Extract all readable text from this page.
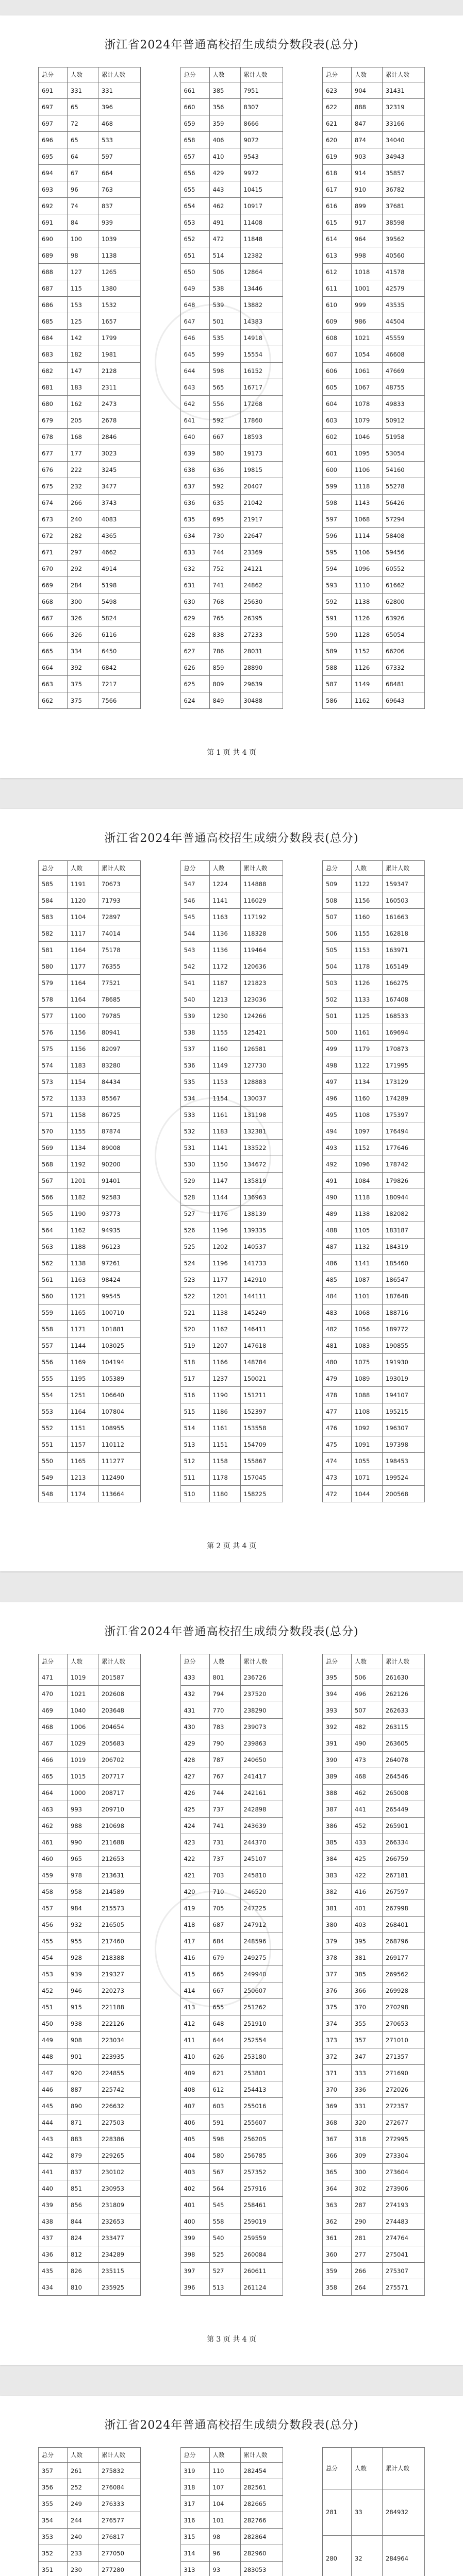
浙江省2024年普通高校招生成绩分数段表(总分)
总分	人数	累计人数
691	331	331
697	65	396
697	72	468
696	65	533
695	64	597
694	67	664
693	96	763
692	74	837
691	84	939
690	100	1039
689	98	1138
688	127	1265
687	115	1380
686	153	1532
685	125	1657
684	142	1799
683	182	1981
682	147	2128
681	183	2311
680	162	2473
679	205	2678
678	168	2846
677	177	3023
676	222	3245
675	232	3477
674	266	3743
673	240	4083
672	282	4365
671	297	4662
670	292	4914
669	284	5198
668	300	5498
667	326	5824
666	326	6116
665	334	6450
664	392	6842
663	375	7217
662	375	7566
总分	人数	累计人数
661	385	7951
660	356	8307
659	359	8666
658	406	9072
657	410	9543
656	429	9972
655	443	10415
654	462	10917
653	491	11408
652	472	11848
651	514	12382
650	506	12864
649	538	13446
648	539	13882
647	501	14383
646	535	14918
645	599	15554
644	598	16152
643	565	16717
642	556	17268
641	592	17860
640	667	18593
639	580	19173
638	636	19815
637	592	20407
636	635	21042
635	695	21917
634	730	22647
633	744	23369
632	752	24121
631	741	24862
630	768	25630
629	765	26395
628	838	27233
627	786	28031
626	859	28890
625	809	29639
624	849	30488
总分	人数	累计人数
623	904	31431
622	888	32319
621	847	33166
620	874	34040
619	903	34943
618	914	35857
617	910	36782
616	899	37681
615	917	38598
614	964	39562
613	998	40560
612	1018	41578
611	1001	42579
610	999	43535
609	986	44504
608	1021	45559
607	1054	46608
606	1061	47669
605	1067	48755
604	1078	49833
603	1079	50912
602	1046	51958
601	1095	53054
600	1106	54160
599	1118	55278
598	1143	56426
597	1068	57294
596	1114	58408
595	1106	59456
594	1096	60552
593	1110	61662
592	1138	62800
591	1126	63926
590	1128	65054
589	1152	66206
588	1126	67332
587	1149	68481
586	1162	69643
第 1 页 共 4 页
浙江省2024年普通高校招生成绩分数段表(总分)
总分	人数	累计人数
585	1191	70673
584	1120	71793
583	1104	72897
582	1117	74014
581	1164	75178
580	1177	76355
579	1164	77521
578	1164	78685
577	1100	79785
576	1156	80941
575	1156	82097
574	1183	83280
573	1154	84434
572	1133	85567
571	1158	86725
570	1155	87874
569	1134	89008
568	1192	90200
567	1201	91401
566	1182	92583
565	1190	93773
564	1162	94935
563	1188	96123
562	1138	97261
561	1163	98424
560	1121	99545
559	1165	100710
558	1171	101881
557	1144	103025
556	1169	104194
555	1195	105389
554	1251	106640
553	1164	107804
552	1151	108955
551	1157	110112
550	1165	111277
549	1213	112490
548	1174	113664
总分	人数	累计人数
547	1224	114888
546	1141	116029
545	1163	117192
544	1136	118328
543	1136	119464
542	1172	120636
541	1187	121823
540	1213	123036
539	1230	124266
538	1155	125421
537	1160	126581
536	1149	127730
535	1153	128883
534	1154	130037
533	1161	131198
532	1183	132381
531	1141	133522
530	1150	134672
529	1147	135819
528	1144	136963
527	1176	138139
526	1196	139335
525	1202	140537
524	1196	141733
523	1177	142910
522	1201	144111
521	1138	145249
520	1162	146411
519	1207	147618
518	1166	148784
517	1237	150021
516	1190	151211
515	1186	152397
514	1161	153558
513	1151	154709
512	1158	155867
511	1178	157045
510	1180	158225
总分	人数	累计人数
509	1122	159347
508	1156	160503
507	1160	161663
506	1155	162818
505	1153	163971
504	1178	165149
503	1126	166275
502	1133	167408
501	1125	168533
500	1161	169694
499	1179	170873
498	1122	171995
497	1134	173129
496	1160	174289
495	1108	175397
494	1097	176494
493	1152	177646
492	1096	178742
491	1084	179826
490	1118	180944
489	1138	182082
488	1105	183187
487	1132	184319
486	1141	185460
485	1087	186547
484	1101	187648
483	1068	188716
482	1056	189772
481	1083	190855
480	1075	191930
479	1089	193019
478	1088	194107
477	1108	195215
476	1092	196307
475	1091	197398
474	1055	198453
473	1071	199524
472	1044	200568
第 2 页 共 4 页
浙江省2024年普通高校招生成绩分数段表(总分)
总分	人数	累计人数
471	1019	201587
470	1021	202608
469	1040	203648
468	1006	204654
467	1029	205683
466	1019	206702
465	1015	207717
464	1000	208717
463	993	209710
462	988	210698
461	990	211688
460	965	212653
459	978	213631
458	958	214589
457	984	215573
456	932	216505
455	955	217460
454	928	218388
453	939	219327
452	946	220273
451	915	221188
450	938	222126
449	908	223034
448	901	223935
447	920	224855
446	887	225742
445	890	226632
444	871	227503
443	883	228386
442	879	229265
441	837	230102
440	851	230953
439	856	231809
438	844	232653
437	824	233477
436	812	234289
435	826	235115
434	810	235925
总分	人数	累计人数
433	801	236726
432	794	237520
431	770	238290
430	783	239073
429	790	239863
428	787	240650
427	767	241417
426	744	242161
425	737	242898
424	741	243639
423	731	244370
422	737	245107
421	703	245810
420	710	246520
419	705	247225
418	687	247912
417	684	248596
416	679	249275
415	665	249940
414	667	250607
413	655	251262
412	648	251910
411	644	252554
410	626	253180
409	621	253801
408	612	254413
407	603	255016
406	591	255607
405	598	256205
404	580	256785
403	567	257352
402	564	257916
401	545	258461
400	558	259019
399	540	259559
398	525	260084
397	527	260611
396	513	261124
总分	人数	累计人数
395	506	261630
394	496	262126
393	507	262633
392	482	263115
391	490	263605
390	473	264078
389	468	264546
388	462	265008
387	441	265449
386	452	265901
385	433	266334
384	425	266759
383	422	267181
382	416	267597
381	401	267998
380	403	268401
379	395	268796
378	381	269177
377	385	269562
376	366	269928
375	370	270298
374	355	270653
373	357	271010
372	347	271357
371	333	271690
370	336	272026
369	331	272357
368	320	272677
367	318	272995
366	309	273304
365	300	273604
364	302	273906
363	287	274193
362	290	274483
361	281	274764
360	277	275041
359	266	275307
358	264	275571
第 3 页 共 4 页
浙江省2024年普通高校招生成绩分数段表(总分)
总分	人数	累计人数
357	261	275832
356	252	276084
355	249	276333
354	244	276577
353	240	276817
352	233	277050
351	230	277280

总分	人数	累计人数
319	110	282454
318	107	282561
317	104	282665
316	101	282766
315	98	282864
314	96	282960
313	93	283053

总分	人数	累计人数
281	33	284932
280	32	284964
